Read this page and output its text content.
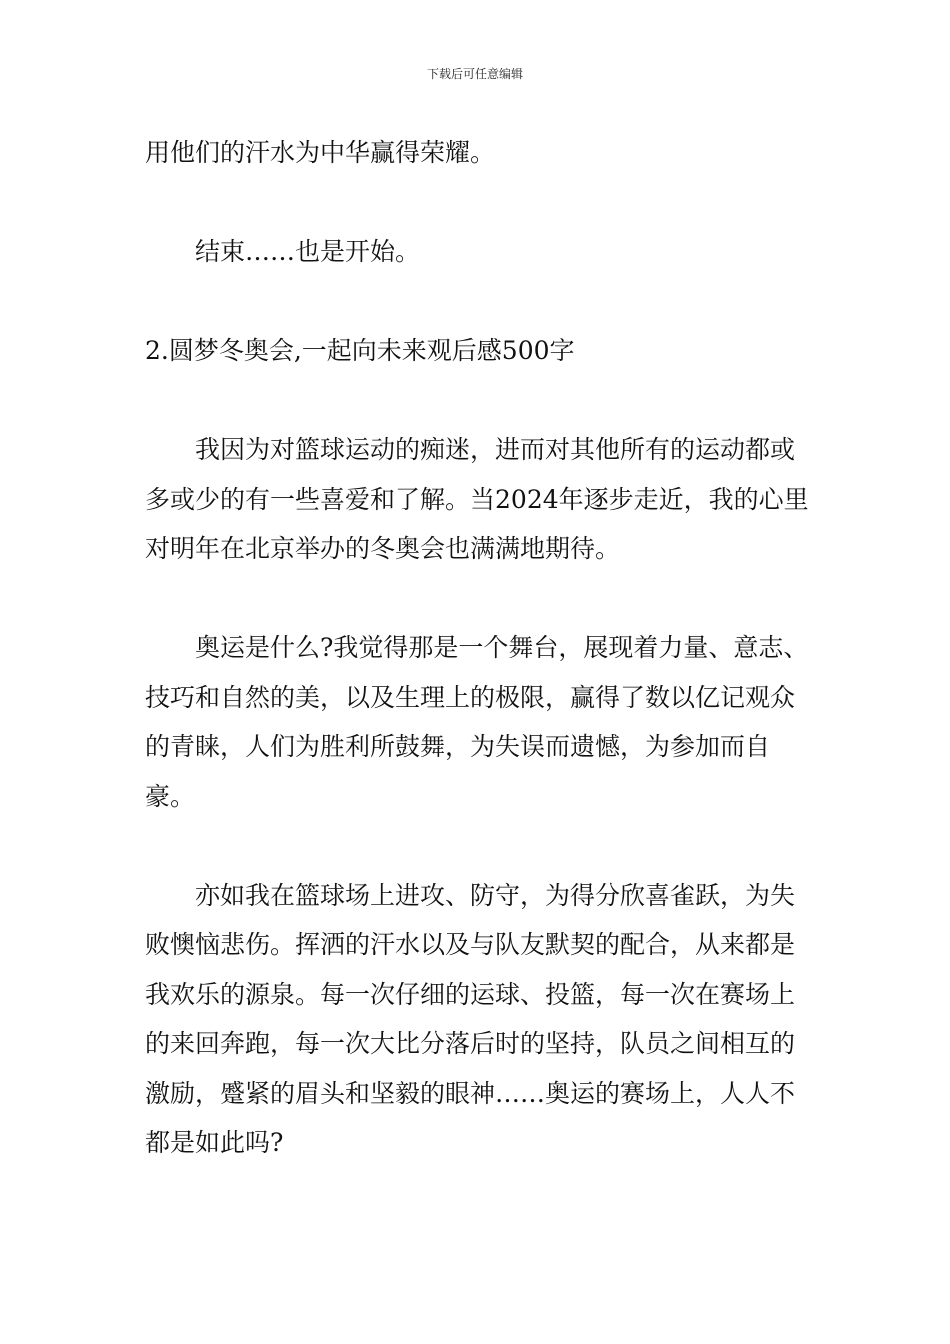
下载后可任意编辑

用他们的汗水为中华赢得荣耀。

结束……也是开始。

2.圆梦冬奥会,一起向未来观后感500字

我因为对篮球运动的痴迷，进而对其他所有的运动都或多或少的有一些喜爱和了解。当2024年逐步走近，我的心里对明年在北京举办的冬奥会也满满地期待。

奥运是什么?我觉得那是一个舞台，展现着力量、意志、技巧和自然的美，以及生理上的极限，赢得了数以亿记观众的青睐，人们为胜利所鼓舞，为失误而遗憾，为参加而自豪。

亦如我在篮球场上进攻、防守，为得分欣喜雀跃，为失败懊恼悲伤。挥洒的汗水以及与队友默契的配合，从来都是我欢乐的源泉。每一次仔细的运球、投篮，每一次在赛场上的来回奔跑，每一次大比分落后时的坚持，队员之间相互的激励，蹙紧的眉头和坚毅的眼神……奥运的赛场上，人人不都是如此吗?
